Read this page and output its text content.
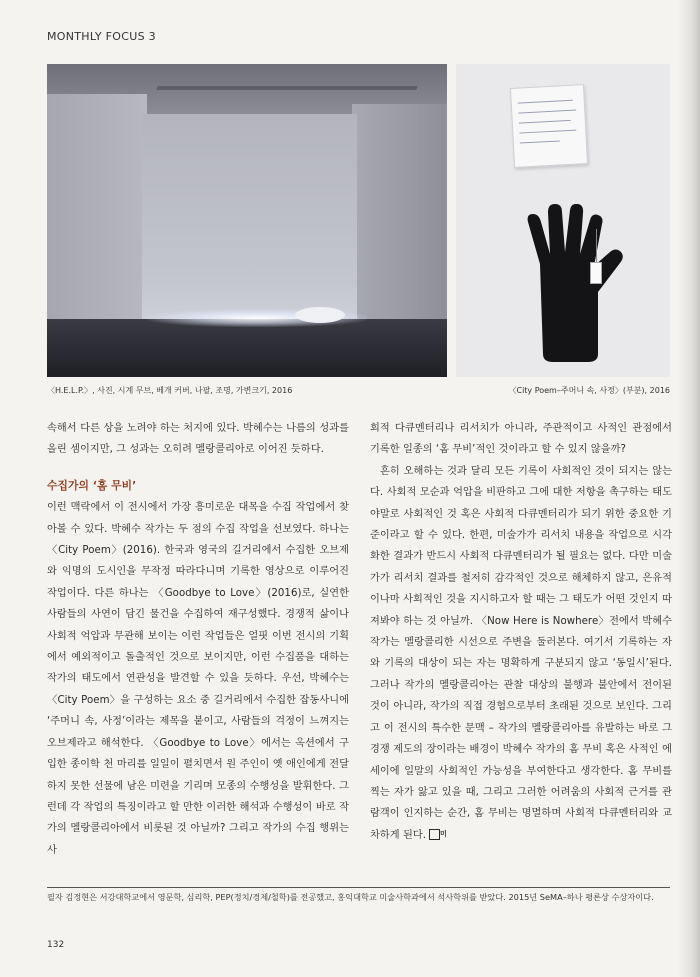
MONTHLY FOCUS 3
〈H.E.L.P.〉, 사진, 시계 무브, 베개 커버, 나팔, 조명, 가변크기, 2016	〈City Poem–주머니 속, 사정〉(부분), 2016

속해서 다른 상을 노려야 하는 처지에 있다. 박혜수는 나름의 성과를 올린 셈이지만, 그 성과는 오히려 멜랑콜리아로 이어진 듯하다.

수집가의 ‘홈 무비’

이런 맥락에서 이 전시에서 가장 흥미로운 대목을 수집 작업에서 찾아볼 수 있다. 박혜수 작가는 두 점의 수집 작업을 선보였다. 하나는 〈City Poem〉(2016). 한국과 영국의 길거리에서 수집한 오브제와 익명의 도시인을 무작정 따라다니며 기록한 영상으로 이루어진 작업이다. 다른 하나는 〈Goodbye to Love〉(2016)로, 실연한 사람들의 사연이 담긴 물건을 수집하여 재구성했다. 경쟁적 삶이나 사회적 억압과 무관해 보이는 이런 작업들은 얼핏 이번 전시의 기획에서 예외적이고 돌출적인 것으로 보이지만, 이런 수집품을 대하는 작가의 태도에서 연관성을 발견할 수 있을 듯하다. 우선, 박혜수는 〈City Poem〉을 구성하는 요소 중 길거리에서 수집한 잡동사니에 ‘주머니 속, 사정’이라는 제목을 붙이고, 사람들의 걱정이 느껴지는 오브제라고 해석한다. 〈Goodbye to Love〉에서는 옥션에서 구입한 종이학 천 마리를 일일이 펼치면서 원 주인이 옛 애인에게 전달하지 못한 선물에 남은 미련을 기리며 모종의 수행성을 발휘한다. 그런데 각 작업의 특징이라고 할 만한 이러한 해석과 수행성이 바로 작가의 멜랑콜리아에서 비롯된 것 아닐까? 그리고 작가의 수집 행위는 사

회적 다큐멘터리나 리서치가 아니라, 주관적이고 사적인 관점에서 기록한 일종의 ‘홈 무비’적인 것이라고 할 수 있지 않을까?

흔히 오해하는 것과 달리 모든 기록이 사회적인 것이 되지는 않는다. 사회적 모순과 억압을 비판하고 그에 대한 저항을 촉구하는 태도야말로 사회적인 것 혹은 사회적 다큐멘터리가 되기 위한 중요한 기준이라고 할 수 있다. 한편, 미술가가 리서치 내용을 작업으로 시각화한 결과가 반드시 사회적 다큐멘터리가 될 필요는 없다. 다만 미술가가 리서치 결과를 철저히 감각적인 것으로 해체하지 않고, 은유적이나마 사회적인 것을 지시하고자 할 때는 그 태도가 어떤 것인지 따져봐야 하는 것 아닐까. 〈Now Here is Nowhere〉전에서 박혜수 작가는 멜랑콜리한 시선으로 주변을 둘러본다. 여기서 기록하는 자와 기록의 대상이 되는 자는 명확하게 구분되지 않고 ‘동일시’된다. 그러나 작가의 멜랑콜리아는 관찰 대상의 불행과 불안에서 전이된 것이 아니라, 작가의 직접 경험으로부터 초래된 것으로 보인다. 그리고 이 전시의 특수한 문맥 – 작가의 멜랑콜리아를 유발하는 바로 그 경쟁 제도의 장이라는 배경이 박혜수 작가의 홈 무비 혹은 사적인 에세이에 일말의 사회적인 가능성을 부여한다고 생각한다. 홈 무비를 찍는 자가 앓고 있을 때, 그리고 그러한 어려움의 사회적 근거를 관람객이 인지하는 순간, 홈 무비는 명멸하며 사회적 다큐멘터리와 교차하게 된다. 미

필자 김정현은 서강대학교에서 영문학, 심리학, PEP(정치/경제/철학)를 전공했고, 홍익대학교 미술사학과에서 석사학위를 받았다. 2015년 SeMA–하나 평론상 수상자이다.
132
